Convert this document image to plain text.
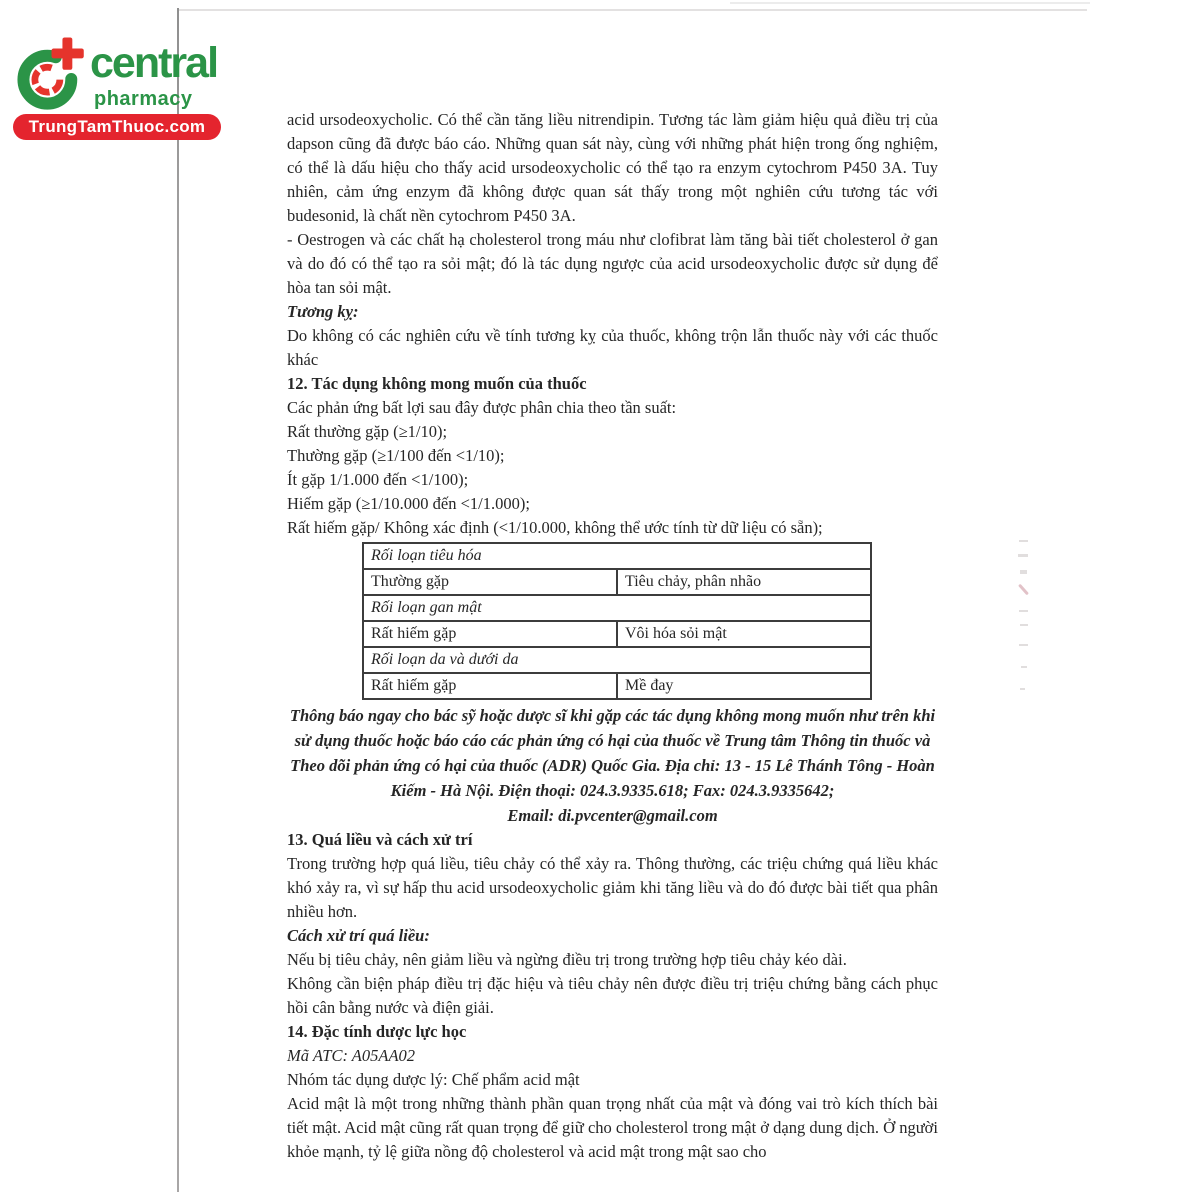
central
pharmacy
TrungTamThuoc.com	acid ursodeoxycholic. Có thể cần tăng liều nitrendipin. Tương tác làm giảm hiệu quả điều trị của dapson cũng đã được báo cáo. Những quan sát này, cùng với những phát hiện trong ống nghiệm, có thể là dấu hiệu cho thấy acid ursodeoxycholic có thể tạo ra enzym cytochrom P450 3A. Tuy nhiên, cảm ứng enzym đã không được quan sát thấy trong một nghiên cứu tương tác với budesonid, là chất nền cytochrom P450 3A.

- Oestrogen và các chất hạ cholesterol trong máu như clofibrat làm tăng bài tiết cholesterol ở gan và do đó có thể tạo ra sỏi mật; đó là tác dụng ngược của acid ursodeoxycholic được sử dụng để hòa tan sỏi mật.

Tương kỵ:

Do không có các nghiên cứu về tính tương kỵ của thuốc, không trộn lẫn thuốc này với các thuốc khác

12. Tác dụng không mong muốn của thuốc

Các phản ứng bất lợi sau đây được phân chia theo tần suất:

Rất thường gặp (≥1/10);

Thường gặp (≥1/100 đến <1/10);

Ít gặp 1/1.000 đến <1/100);

Hiếm gặp (≥1/10.000 đến <1/1.000);

Rất hiếm gặp/ Không xác định (<1/10.000, không thể ước tính từ dữ liệu có sẵn);

Rối loạn tiêu hóa	
Thường gặp	Tiêu chảy, phân nhão
Rối loạn gan mật	
Rất hiếm gặp	Vôi hóa sỏi mật
Rối loạn da và dưới da	
Rất hiếm gặp	Mề đay

Thông báo ngay cho bác sỹ hoặc dược sĩ khi gặp các tác dụng không mong muốn như trên khi sử dụng thuốc hoặc báo cáo các phản ứng có hại của thuốc về Trung tâm Thông tin thuốc và Theo dõi phản ứng có hại của thuốc (ADR) Quốc Gia. Địa chỉ: 13 - 15 Lê Thánh Tông - Hoàn Kiếm - Hà Nội. Điện thoại: 024.3.9335.618; Fax: 024.3.9335642;

Email: di.pvcenter@gmail.com

13. Quá liều và cách xử trí

Trong trường hợp quá liều, tiêu chảy có thể xảy ra. Thông thường, các triệu chứng quá liều khác khó xảy ra, vì sự hấp thu acid ursodeoxycholic giảm khi tăng liều và do đó được bài tiết qua phân nhiều hơn.

Cách xử trí quá liều:

Nếu bị tiêu chảy, nên giảm liều và ngừng điều trị trong trường hợp tiêu chảy kéo dài.

Không cần biện pháp điều trị đặc hiệu và tiêu chảy nên được điều trị triệu chứng bằng cách phục hồi cân bằng nước và điện giải.

14. Đặc tính dược lực học

Mã ATC: A05AA02

Nhóm tác dụng dược lý: Chế phẩm acid mật

Acid mật là một trong những thành phần quan trọng nhất của mật và đóng vai trò kích thích bài tiết mật. Acid mật cũng rất quan trọng để giữ cho cholesterol trong mật ở dạng dung dịch. Ở người khỏe mạnh, tỷ lệ giữa nồng độ cholesterol và acid mật trong mật sao cho
